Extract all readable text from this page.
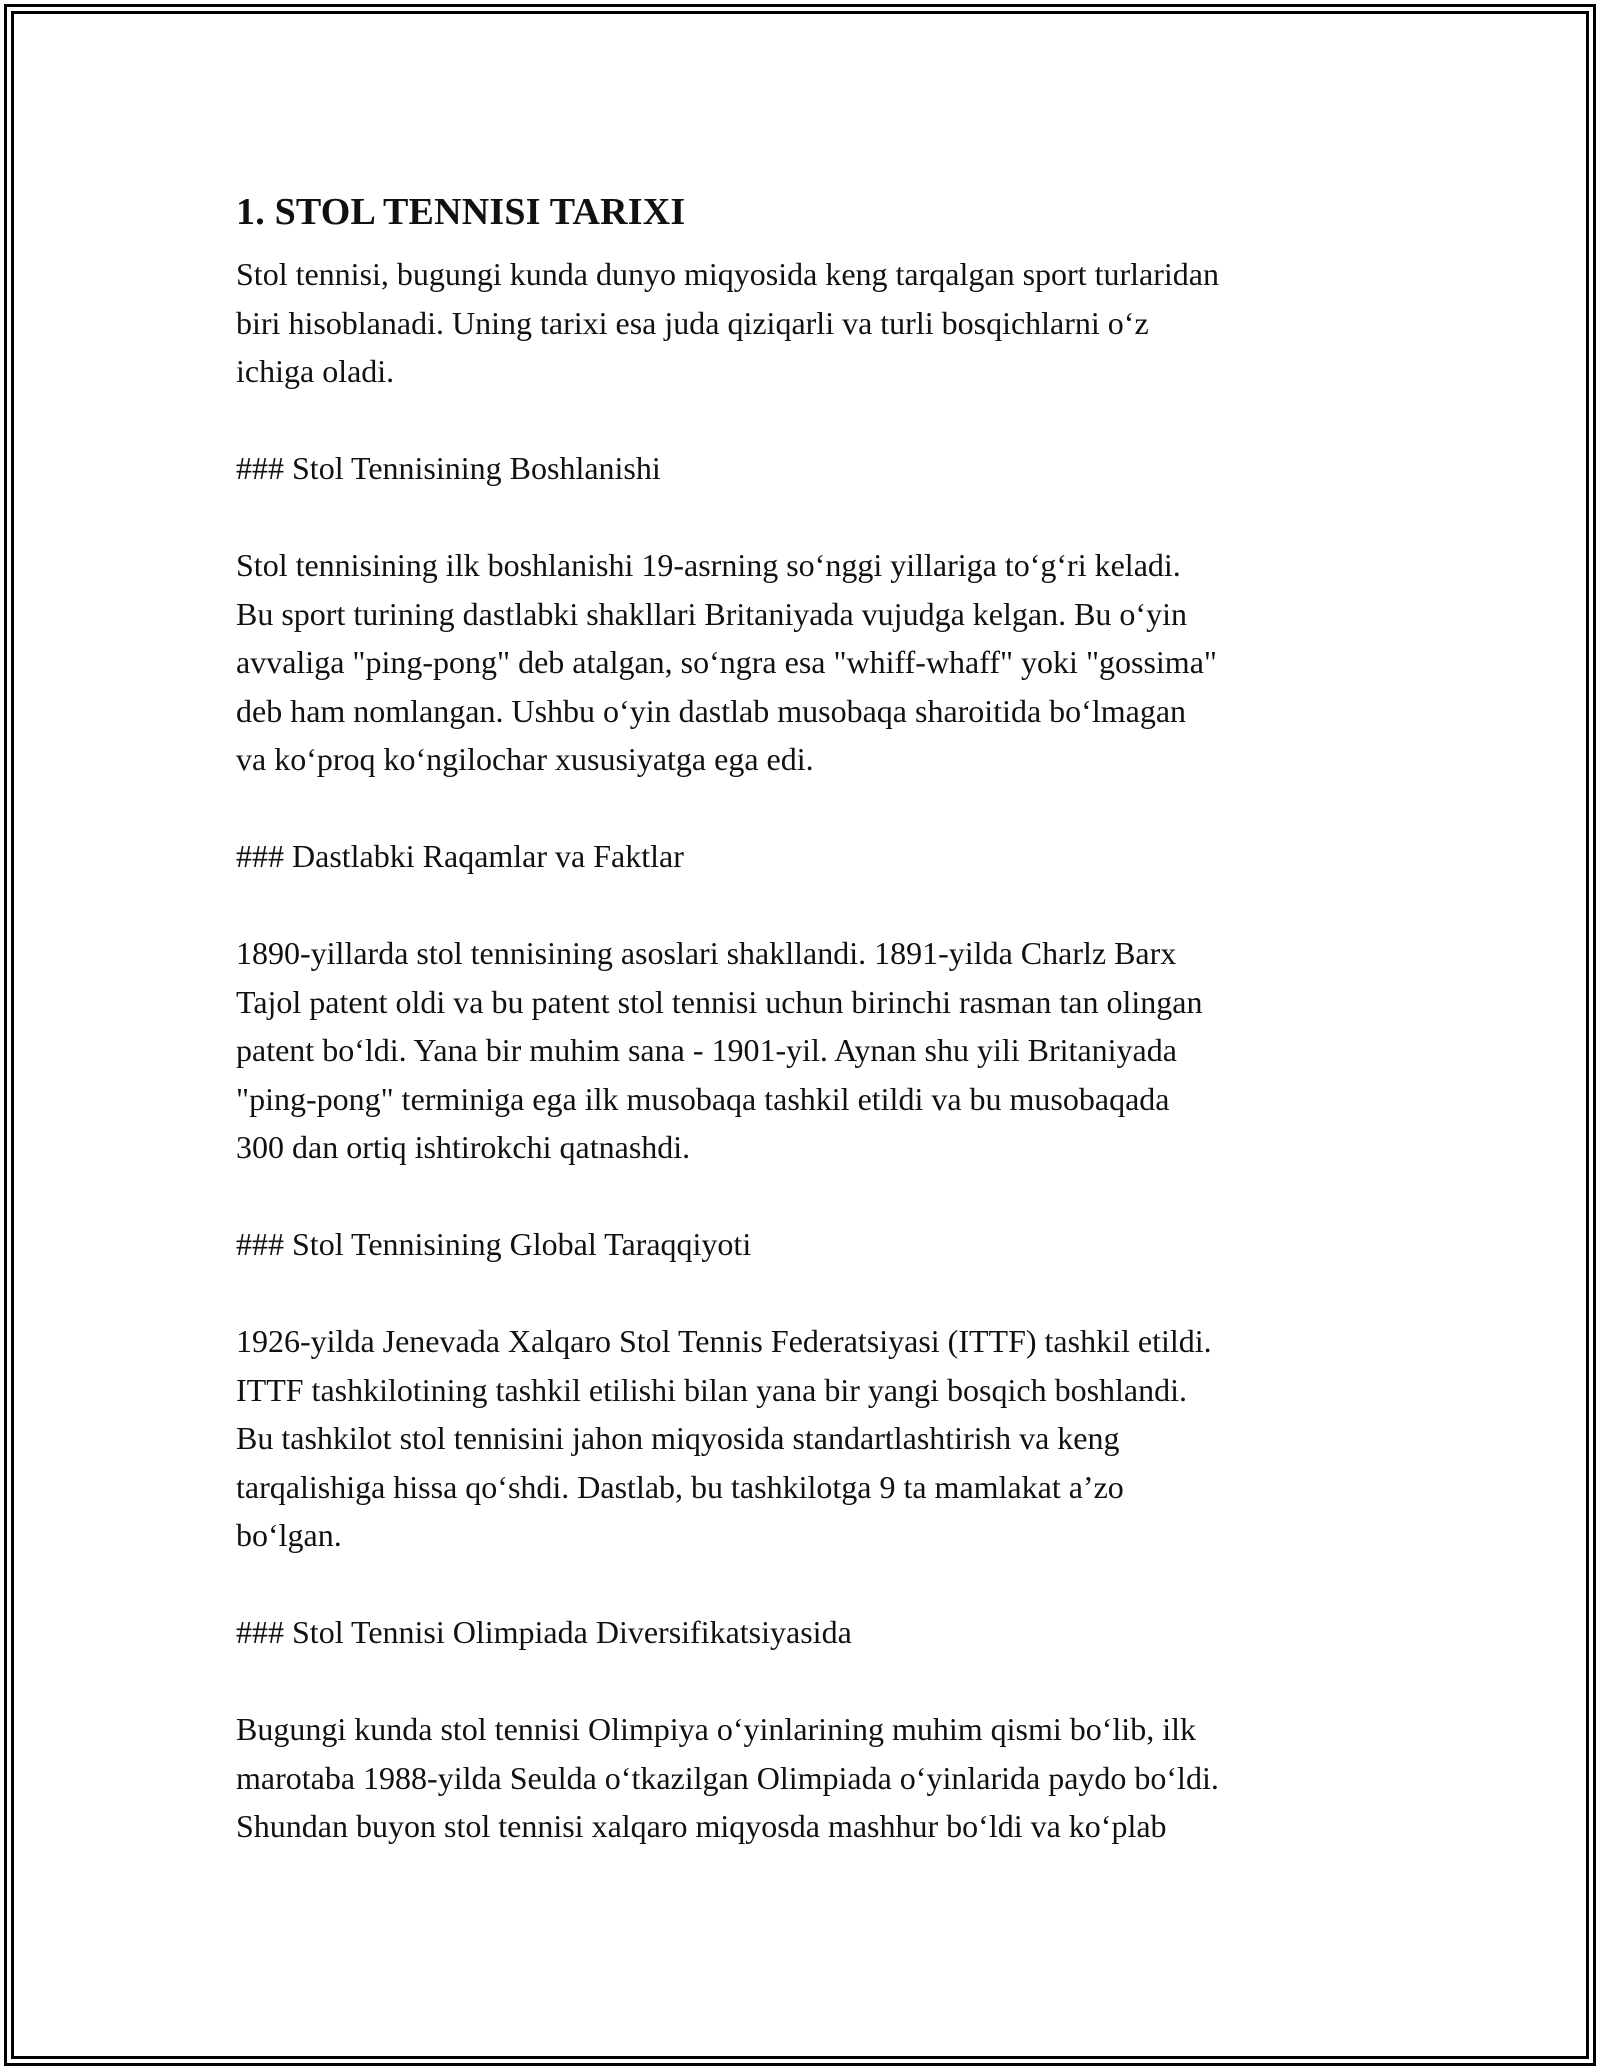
1. STOL TENNISI TARIXI
Stol tennisi, bugungi kunda dunyo miqyosida keng tarqalgan sport turlaridan
biri hisoblanadi. Uning tarixi esa juda qiziqarli va turli bosqichlarni o‘z
ichiga oladi.
### Stol Tennisining Boshlanishi
Stol tennisining ilk boshlanishi 19-asrning so‘nggi yillariga to‘g‘ri keladi.
Bu sport turining dastlabki shakllari Britaniyada vujudga kelgan. Bu o‘yin
avvaliga "ping-pong" deb atalgan, so‘ngra esa "whiff-whaff" yoki "gossima"
deb ham nomlangan. Ushbu o‘yin dastlab musobaqa sharoitida bo‘lmagan
va ko‘proq ko‘ngilochar xususiyatga ega edi.
### Dastlabki Raqamlar va Faktlar
1890-yillarda stol tennisining asoslari shakllandi. 1891-yilda Charlz Barx
Tajol patent oldi va bu patent stol tennisi uchun birinchi rasman tan olingan
patent bo‘ldi. Yana bir muhim sana - 1901-yil. Aynan shu yili Britaniyada
"ping-pong" terminiga ega ilk musobaqa tashkil etildi va bu musobaqada
300 dan ortiq ishtirokchi qatnashdi.
### Stol Tennisining Global Taraqqiyoti
1926-yilda Jenevada Xalqaro Stol Tennis Federatsiyasi (ITTF) tashkil etildi.
ITTF tashkilotining tashkil etilishi bilan yana bir yangi bosqich boshlandi.
Bu tashkilot stol tennisini jahon miqyosida standartlashtirish va keng
tarqalishiga hissa qo‘shdi. Dastlab, bu tashkilotga 9 ta mamlakat a’zo
bo‘lgan.
### Stol Tennisi Olimpiada Diversifikatsiyasida
Bugungi kunda stol tennisi Olimpiya o‘yinlarining muhim qismi bo‘lib, ilk
marotaba 1988-yilda Seulda o‘tkazilgan Olimpiada o‘yinlarida paydo bo‘ldi.
Shundan buyon stol tennisi xalqaro miqyosda mashhur bo‘ldi va ko‘plab
